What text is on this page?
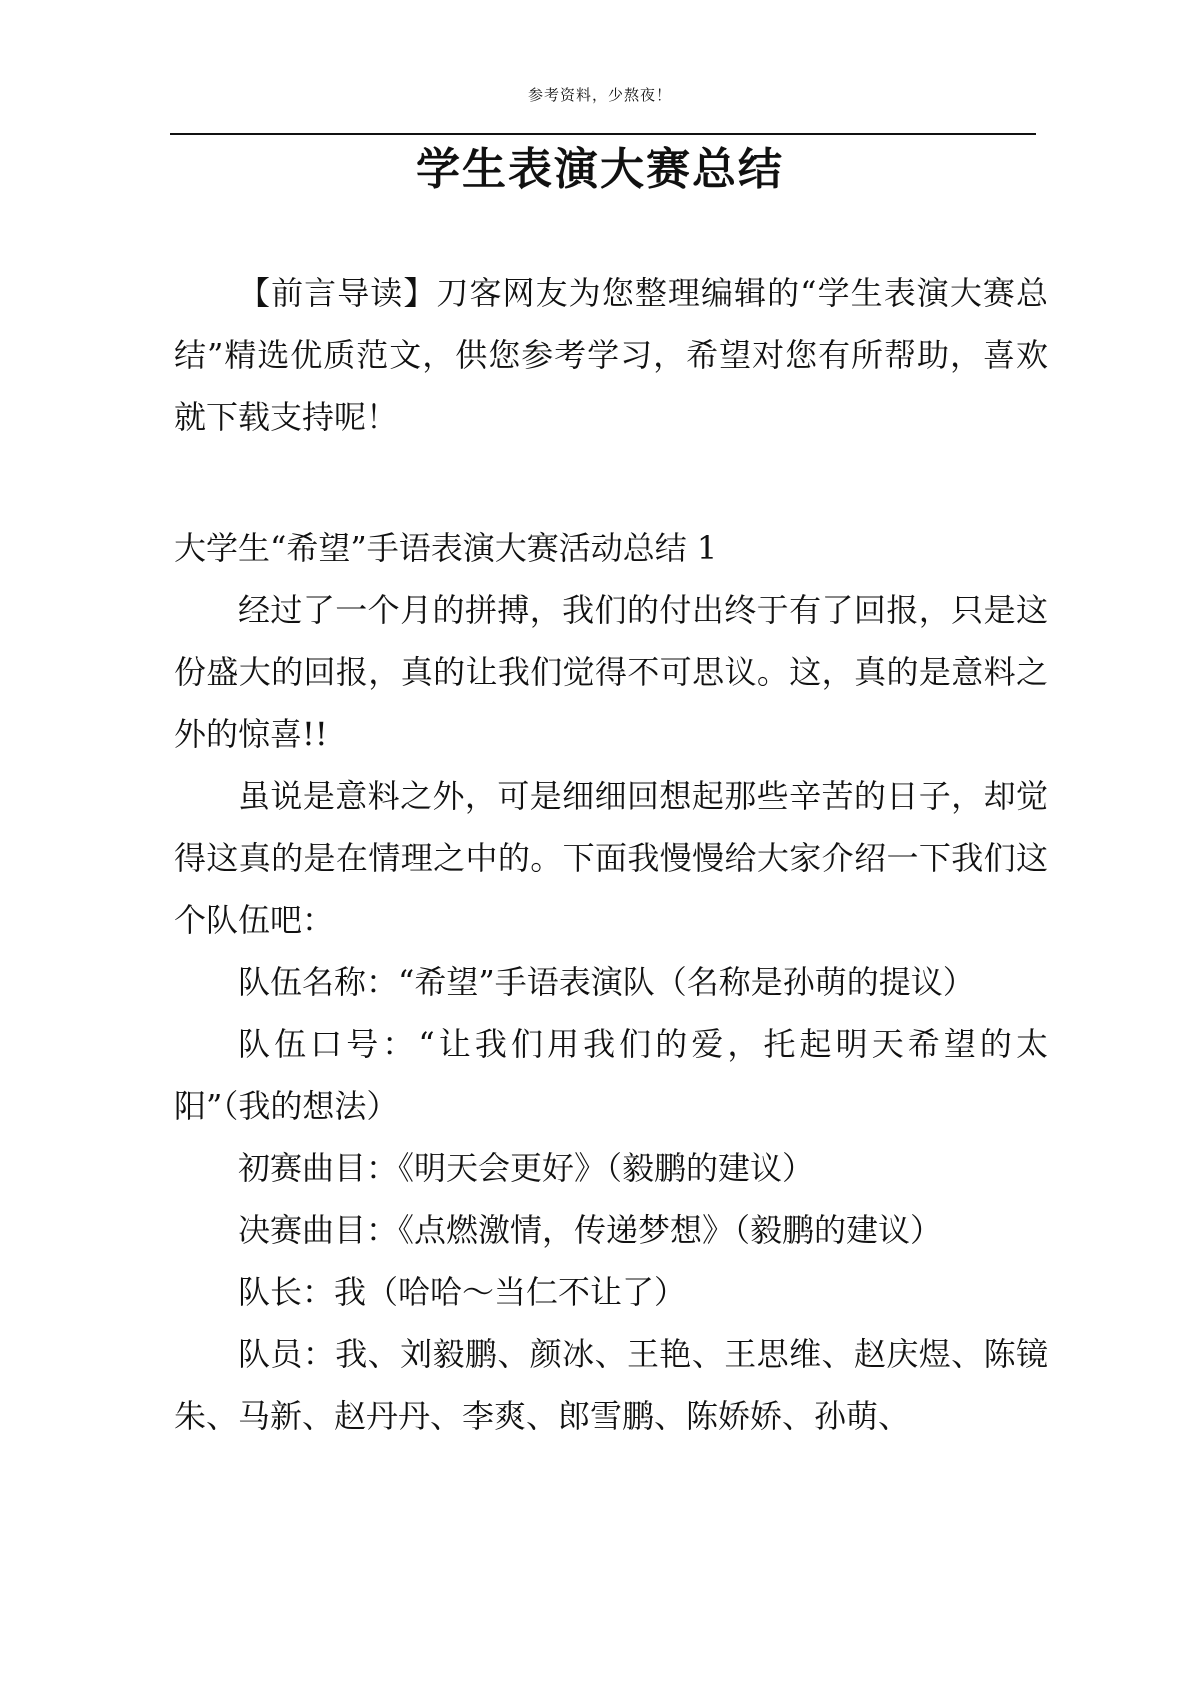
参考资料，少熬夜！
学生表演大赛总结

【前言导读】刀客网友为您整理编辑的“学生表演大赛总结”精选优质范文，供您参考学习，希望对您有所帮助，喜欢就下载支持呢！

大学生“希望”手语表演大赛活动总结 1

经过了一个月的拼搏，我们的付出终于有了回报，只是这份盛大的回报，真的让我们觉得不可思议。这，真的是意料之外的惊喜!!

虽说是意料之外，可是细细回想起那些辛苦的日子，却觉得这真的是在情理之中的。下面我慢慢给大家介绍一下我们这个队伍吧：

队伍名称：“希望”手语表演队（名称是孙萌的提议）

队伍口号：“让我们用我们的爱，托起明天希望的太阳”（我的想法）

初赛曲目：《明天会更好》（毅鹏的建议）

决赛曲目：《点燃激情，传递梦想》（毅鹏的建议）

队长：我（哈哈～当仁不让了）

队员：我、刘毅鹏、颜冰、王艳、王思维、赵庆煜、陈镜朱、马新、赵丹丹、李爽、郎雪鹏、陈娇娇、孙萌、
